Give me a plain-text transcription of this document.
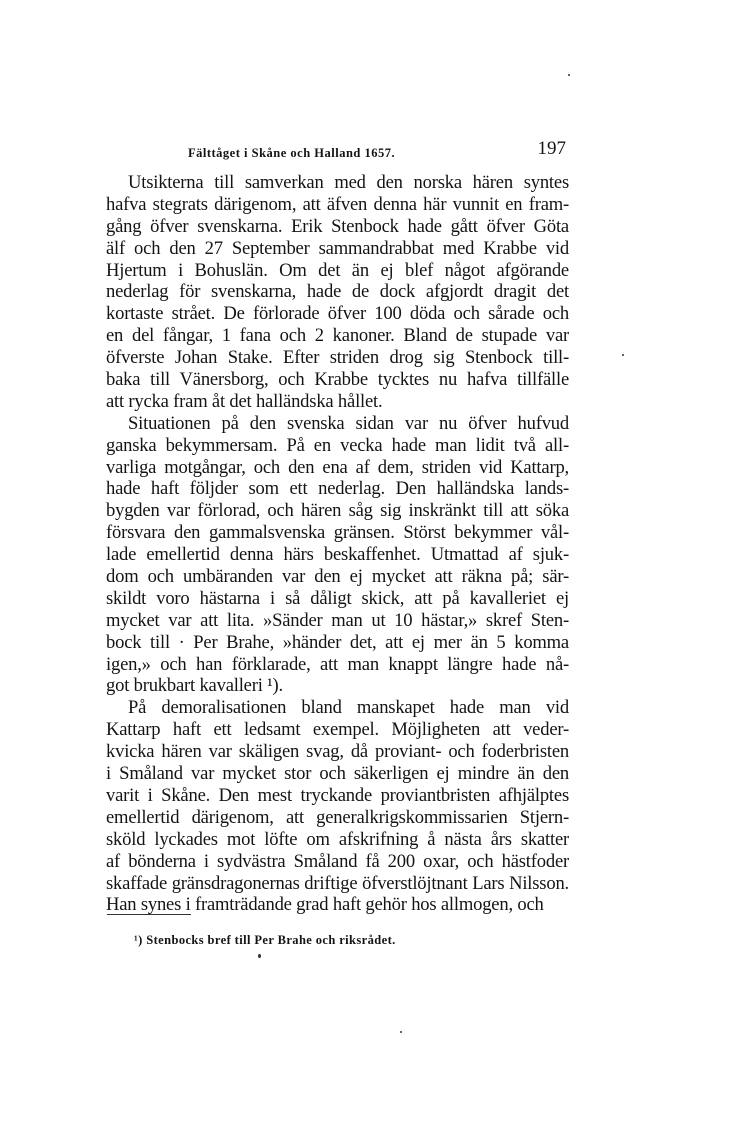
Fälttåget i Skåne och Halland 1657.	197
Utsikterna till samverkan med den norska hären syntes
hafva stegrats därigenom, att äfven denna här vunnit en fram-
gång öfver svenskarna. Erik Stenbock hade gått öfver Göta
älf och den 27 September sammandrabbat med Krabbe vid
Hjertum i Bohuslän. Om det än ej blef något afgörande
nederlag för svenskarna, hade de dock afgjordt dragit det
kortaste strået. De förlorade öfver 100 döda och sårade och
en del fångar, 1 fana och 2 kanoner. Bland de stupade var
öfverste Johan Stake. Efter striden drog sig Stenbock till-
baka till Vänersborg, och Krabbe tycktes nu hafva tillfälle
att rycka fram åt det halländska hållet.
Situationen på den svenska sidan var nu öfver hufvud
ganska bekymmersam. På en vecka hade man lidit två all-
varliga motgångar, och den ena af dem, striden vid Kattarp,
hade haft följder som ett nederlag. Den halländska lands-
bygden var förlorad, och hären såg sig inskränkt till att söka
försvara den gammalsvenska gränsen. Störst bekymmer vål-
lade emellertid denna härs beskaffenhet. Utmattad af sjuk-
dom och umbäranden var den ej mycket att räkna på; sär-
skildt voro hästarna i så dåligt skick, att på kavalleriet ej
mycket var att lita. »Sänder man ut 10 hästar,» skref Sten-
bock till · Per Brahe, »händer det, att ej mer än 5 komma
igen,» och han förklarade, att man knappt längre hade nå-
got brukbart kavalleri ¹).
På demoralisationen bland manskapet hade man vid
Kattarp haft ett ledsamt exempel. Möjligheten att veder-
kvicka hären var skäligen svag, då proviant- och foderbristen
i Småland var mycket stor och säkerligen ej mindre än den
varit i Skåne. Den mest tryckande proviantbristen afhjälptes
emellertid därigenom, att generalkrigskommissarien Stjern-
sköld lyckades mot löfte om afskrifning å nästa års skatter
af bönderna i sydvästra Småland få 200 oxar, och hästfoder
skaffade gränsdragonernas driftige öfverstlöjtnant Lars Nilsson.
Han synes i framträdande grad haft gehör hos allmogen, och
¹) Stenbocks bref till Per Brahe och riksrådet.
